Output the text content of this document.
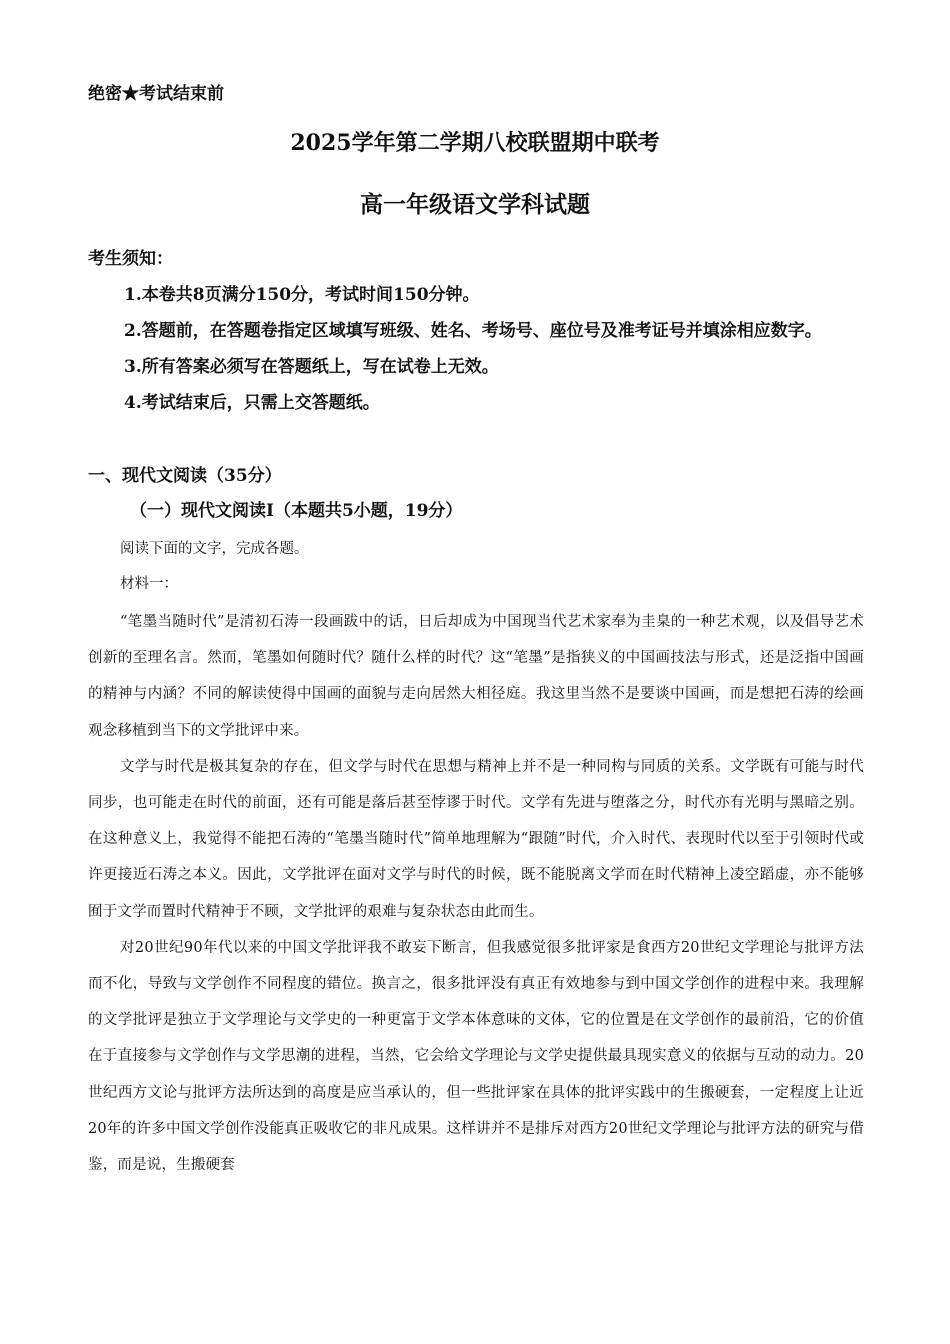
绝密★考试结束前
2025学年第二学期八校联盟期中联考
高一年级语文学科试题

考生须知：

1.本卷共8页满分150分，考试时间150分钟。

2.答题前，在答题卷指定区域填写班级、姓名、考场号、座位号及准考证号并填涂相应数字。

3.所有答案必须写在答题纸上，写在试卷上无效。

4.考试结束后，只需上交答题纸。

一、现代文阅读（35分）
（一）现代文阅读Ⅰ（本题共5小题，19分）
阅读下面的文字，完成各题。
材料一：

“笔墨当随时代”是清初石涛一段画跋中的话，日后却成为中国现当代艺术家奉为圭臬的一种艺术观，以及倡导艺术创新的至理名言。然而，笔墨如何随时代？随什么样的时代？这“笔墨”是指狭义的中国画技法与形式，还是泛指中国画的精神与内涵？不同的解读使得中国画的面貌与走向居然大相径庭。我这里当然不是要谈中国画，而是想把石涛的绘画观念移植到当下的文学批评中来。

文学与时代是极其复杂的存在，但文学与时代在思想与精神上并不是一种同构与同质的关系。文学既有可能与时代同步，也可能走在时代的前面，还有可能是落后甚至悖谬于时代。文学有先进与堕落之分，时代亦有光明与黑暗之别。在这种意义上，我觉得不能把石涛的“笔墨当随时代”简单地理解为“跟随”时代，介入时代、表现时代以至于引领时代或许更接近石涛之本义。因此，文学批评在面对文学与时代的时候，既不能脱离文学而在时代精神上凌空蹈虚，亦不能够囿于文学而置时代精神于不顾，文学批评的艰难与复杂状态由此而生。

对20世纪90年代以来的中国文学批评我不敢妄下断言，但我感觉很多批评家是食西方20世纪文学理论与批评方法而不化，导致与文学创作不同程度的错位。换言之，很多批评没有真正有效地参与到中国文学创作的进程中来。我理解的文学批评是独立于文学理论与文学史的一种更富于文学本体意味的文体，它的位置是在文学创作的最前沿，它的价值在于直接参与文学创作与文学思潮的进程，当然，它会给文学理论与文学史提供最具现实意义的依据与互动的动力。20世纪西方文论与批评方法所达到的高度是应当承认的，但一些批评家在具体的批评实践中的生搬硬套，一定程度上让近20年的许多中国文学创作没能真正吸收它的非凡成果。这样讲并不是排斥对西方20世纪文学理论与批评方法的研究与借鉴，而是说，生搬硬套
